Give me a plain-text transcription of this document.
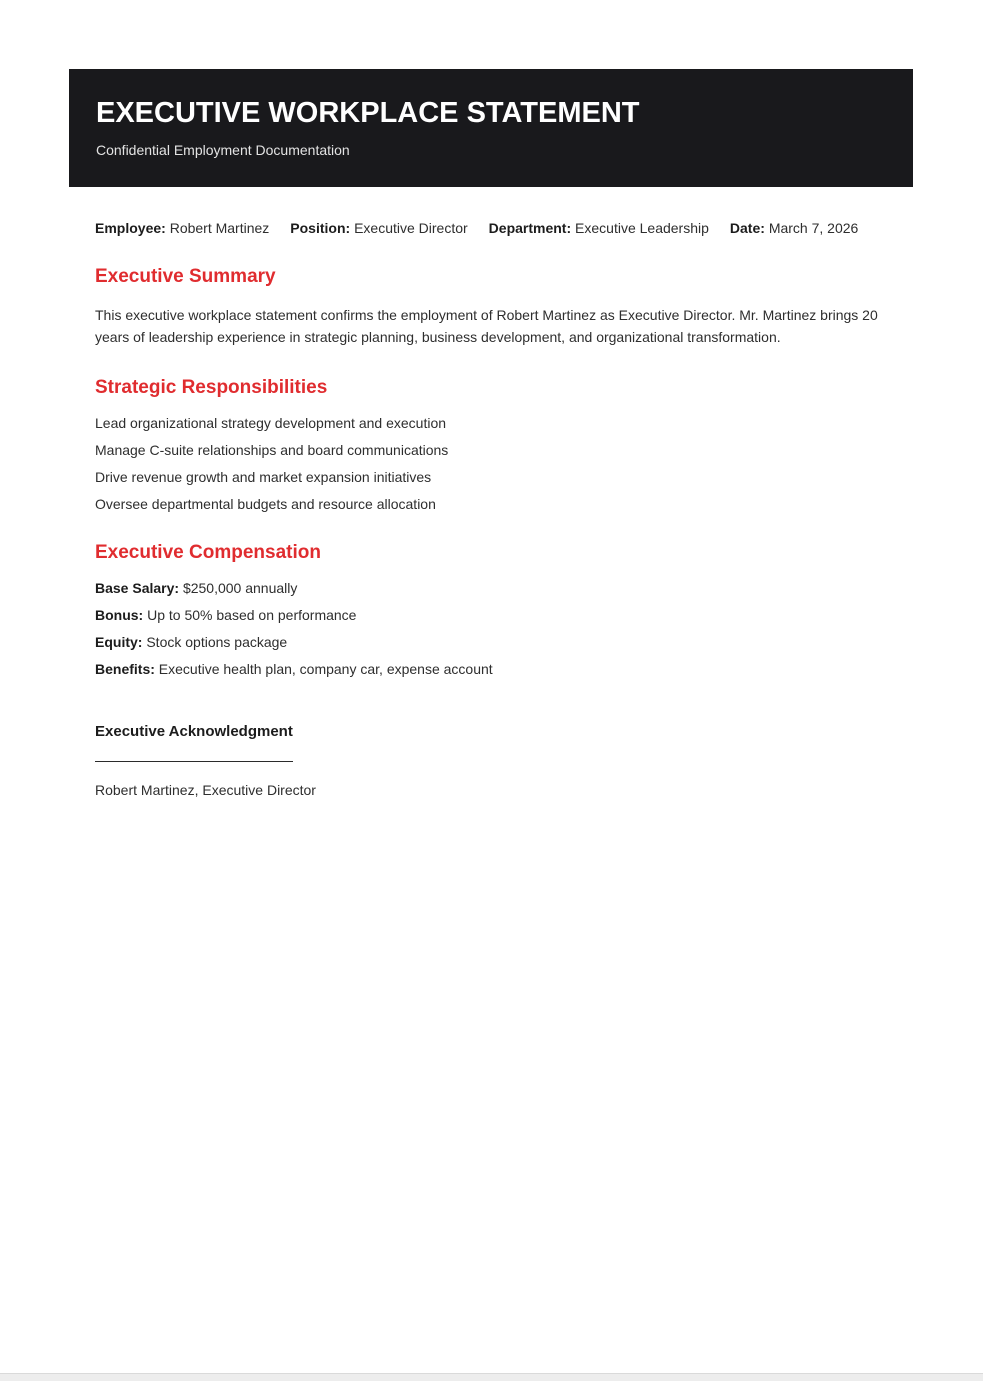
EXECUTIVE WORKPLACE STATEMENT
Confidential Employment Documentation
Employee: Robert Martinez Position: Executive Director Department: Executive Leadership Date: March 7, 2026
Executive Summary

This executive workplace statement confirms the employment of Robert Martinez as Executive Director. Mr. Martinez brings 20 years of leadership experience in strategic planning, business development, and organizational transformation.

Strategic Responsibilities
Lead organizational strategy development and execution
Manage C-suite relationships and board communications
Drive revenue growth and market expansion initiatives
Oversee departmental budgets and resource allocation
Executive Compensation
Base Salary: $250,000 annually
Bonus: Up to 50% based on performance
Equity: Stock options package
Benefits: Executive health plan, company car, expense account
Executive Acknowledgment
Robert Martinez, Executive Director
